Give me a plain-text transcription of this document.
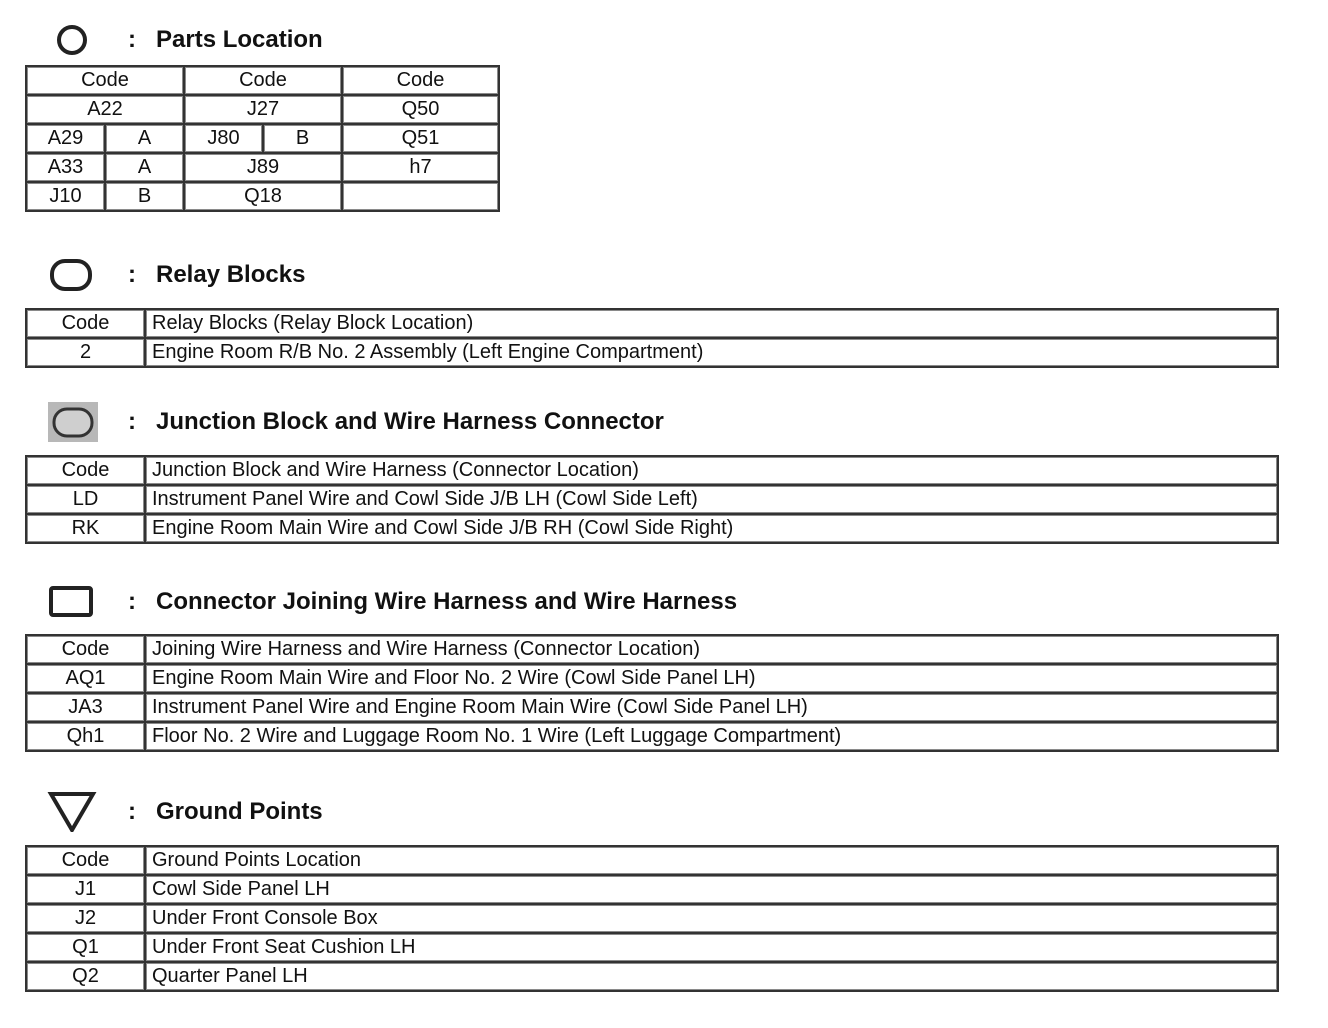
: Parts Location
Code		Code		Code
A22		J27		Q50
A29	A	J80	B	Q51
A33	A	J89		h7
J10	B	Q18		
: Relay Blocks
Code	Relay Blocks (Relay Block Location)
2	Engine Room R/B No. 2 Assembly (Left Engine Compartment)
: Junction Block and Wire Harness Connector
Code	Junction Block and Wire Harness (Connector Location)
LD	Instrument Panel Wire and Cowl Side J/B LH (Cowl Side Left)
RK	Engine Room Main Wire and Cowl Side J/B RH (Cowl Side Right)
: Connector Joining Wire Harness and Wire Harness
Code	Joining Wire Harness and Wire Harness (Connector Location)
AQ1	Engine Room Main Wire and Floor No. 2 Wire (Cowl Side Panel LH)
JA3	Instrument Panel Wire and Engine Room Main Wire (Cowl Side Panel LH)
Qh1	Floor No. 2 Wire and Luggage Room No. 1 Wire (Left Luggage Compartment)
: Ground Points
Code	Ground Points Location
J1	Cowl Side Panel LH
J2	Under Front Console Box
Q1	Under Front Seat Cushion LH
Q2	Quarter Panel LH
